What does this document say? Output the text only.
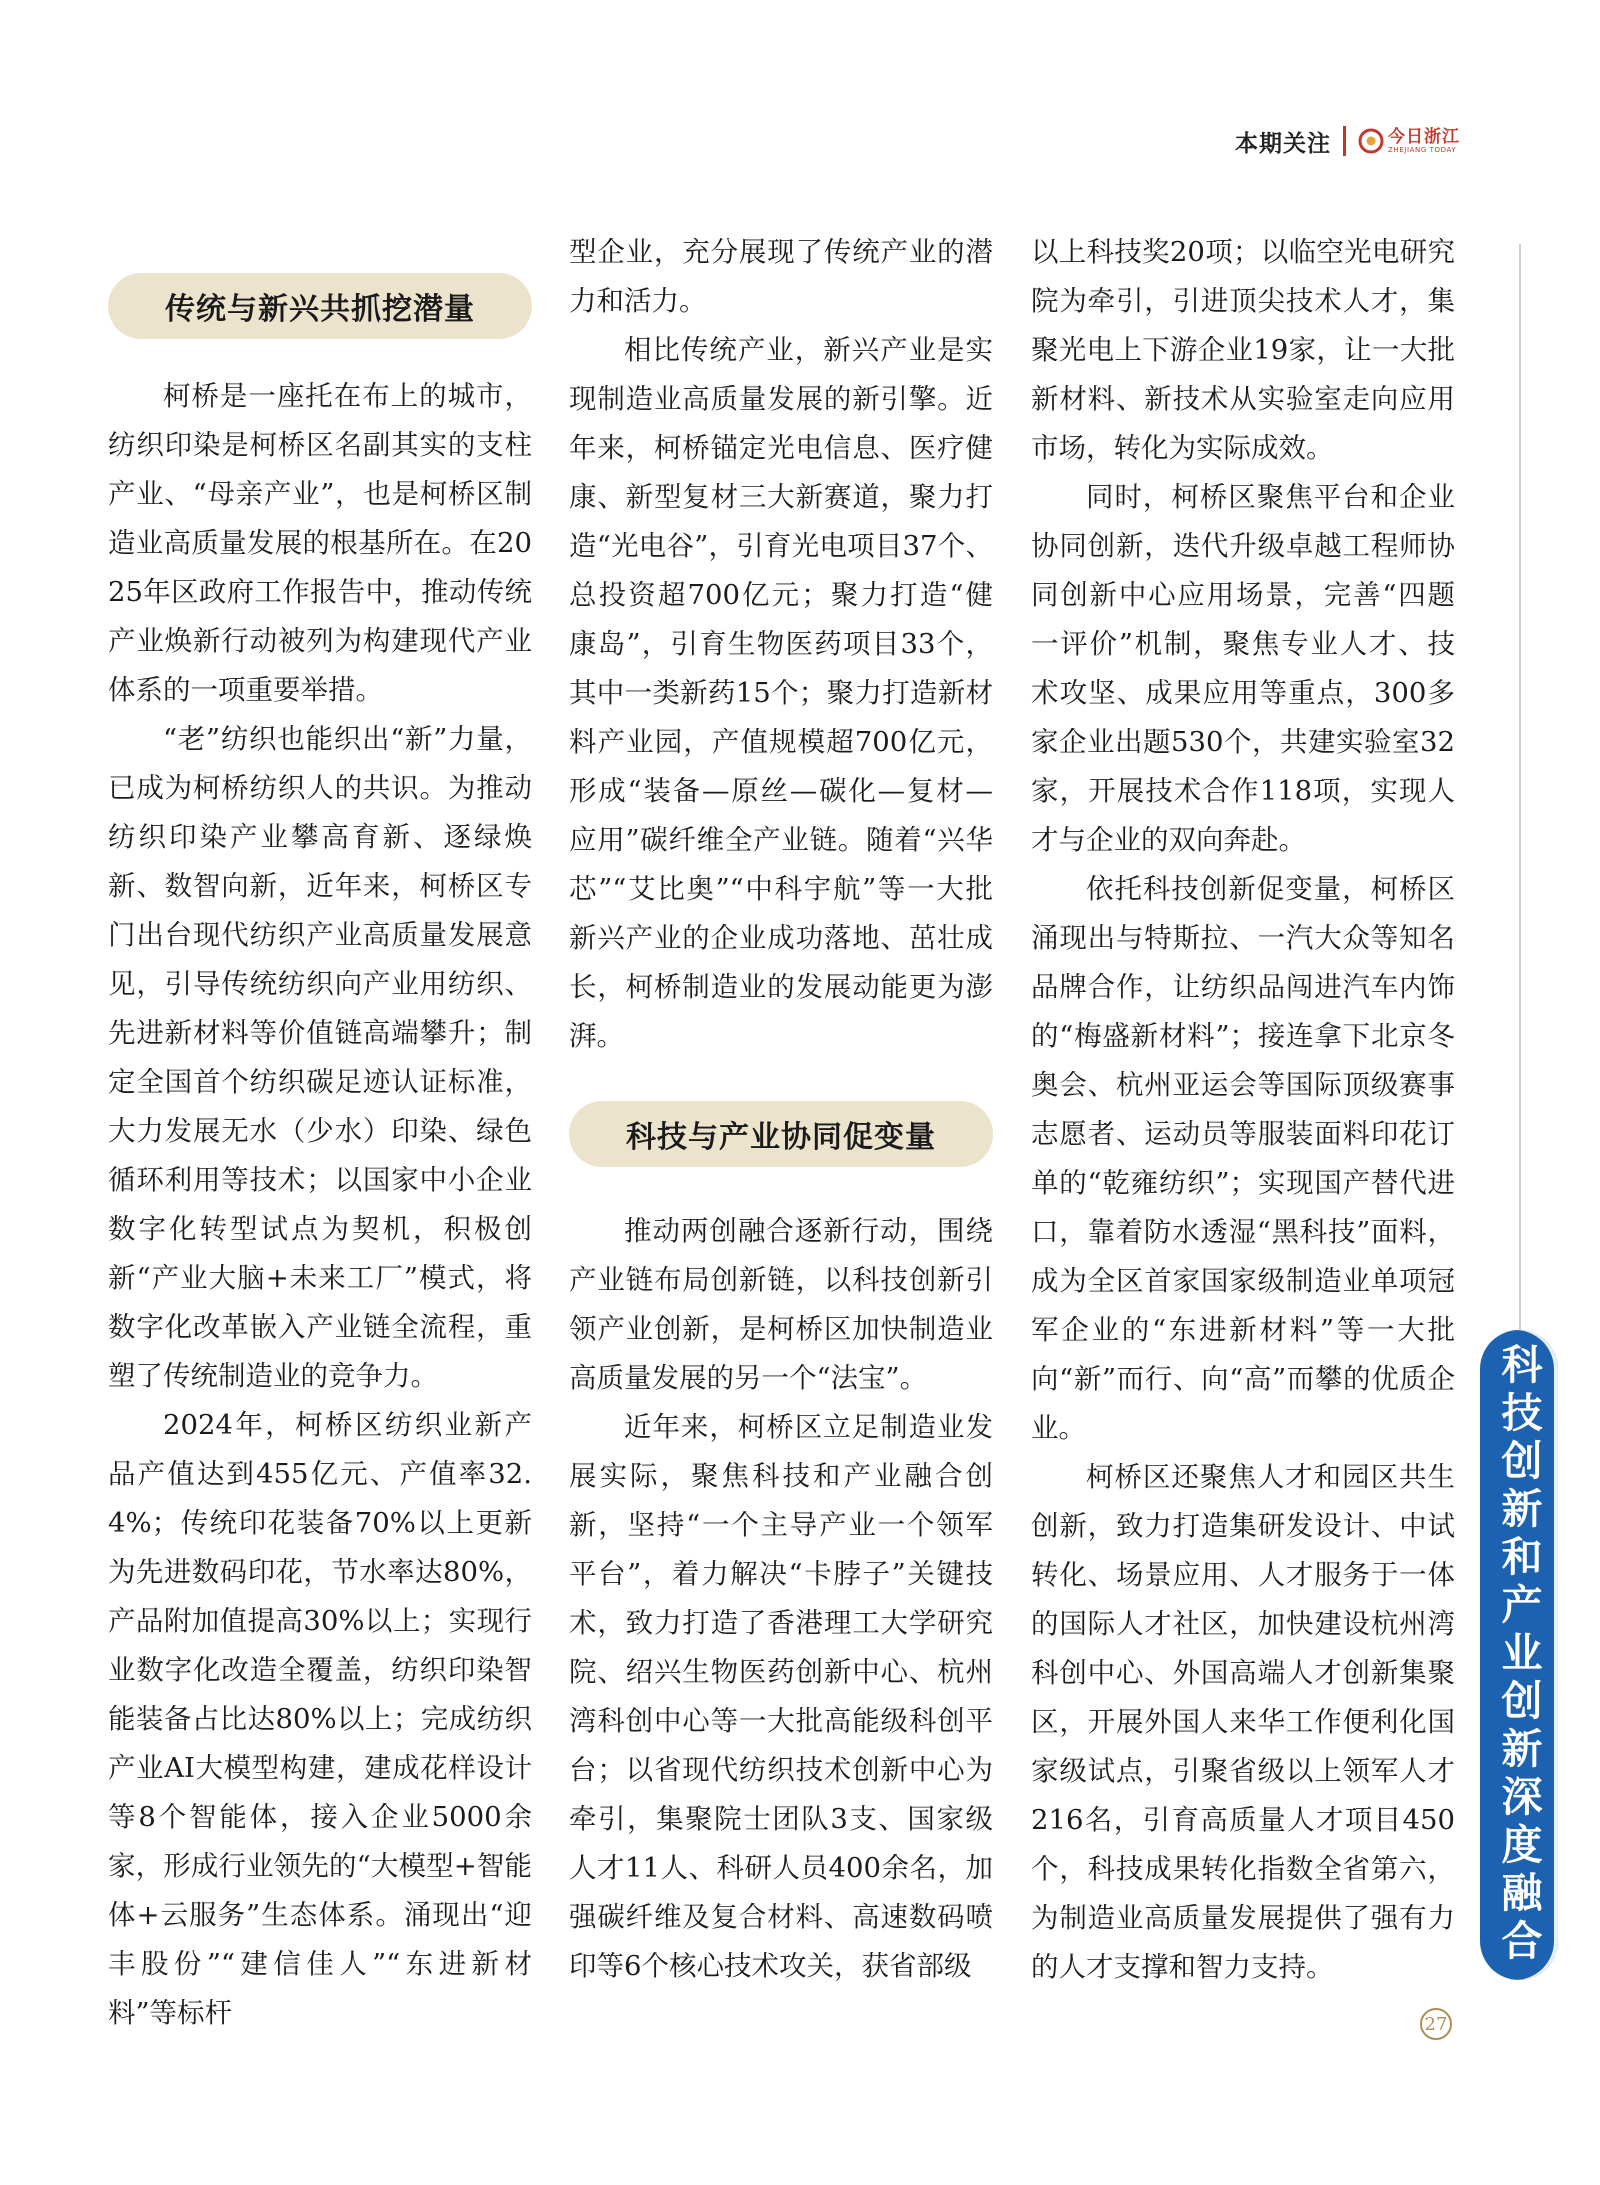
本期关注	今日浙江
ZHEJIANG TODAY
传统与新兴共抓挖潜量

柯桥是一座托在布上的城市，纺织印染是柯桥区名副其实的支柱产业、“母亲产业”，也是柯桥区制造业高质量发展的根基所在。在2025年区政府工作报告中，推动传统产业焕新行动被列为构建现代产业体系的一项重要举措。

“老”纺织也能织出“新”力量，已成为柯桥纺织人的共识。为推动纺织印染产业攀高育新、逐绿焕新、数智向新，近年来，柯桥区专门出台现代纺织产业高质量发展意见，引导传统纺织向产业用纺织、先进新材料等价值链高端攀升；制定全国首个纺织碳足迹认证标准，大力发展无水（少水）印染、绿色循环利用等技术；以国家中小企业数字化转型试点为契机，积极创新“产业大脑+未来工厂”模式，将数字化改革嵌入产业链全流程，重塑了传统制造业的竞争力。

2024年，柯桥区纺织业新产品产值达到455亿元、产值率32.4%；传统印花装备70%以上更新为先进数码印花，节水率达80%，产品附加值提高30%以上；实现行业数字化改造全覆盖，纺织印染智能装备占比达80%以上；完成纺织产业AI大模型构建，建成花样设计等8个智能体，接入企业5000余家，形成行业领先的“大模型+智能体+云服务”生态体系。涌现出“迎丰股份”“建信佳人”“东进新材料”等标杆

型企业，充分展现了传统产业的潜力和活力。

相比传统产业，新兴产业是实现制造业高质量发展的新引擎。近年来，柯桥锚定光电信息、医疗健康、新型复材三大新赛道，聚力打造“光电谷”，引育光电项目37个、总投资超700亿元；聚力打造“健康岛”，引育生物医药项目33个，其中一类新药15个；聚力打造新材料产业园，产值规模超700亿元，形成“装备—原丝—碳化—复材—应用”碳纤维全产业链。随着“兴华芯”“艾比奥”“中科宇航”等一大批新兴产业的企业成功落地、茁壮成长，柯桥制造业的发展动能更为澎湃。

科技与产业协同促变量

推动两创融合逐新行动，围绕产业链布局创新链，以科技创新引领产业创新，是柯桥区加快制造业高质量发展的另一个“法宝”。

近年来，柯桥区立足制造业发展实际，聚焦科技和产业融合创新，坚持“一个主导产业一个领军平台”，着力解决“卡脖子”关键技术，致力打造了香港理工大学研究院、绍兴生物医药创新中心、杭州湾科创中心等一大批高能级科创平台；以省现代纺织技术创新中心为牵引，集聚院士团队3支、国家级人才11人、科研人员400余名，加强碳纤维及复合材料、高速数码喷印等6个核心技术攻关，获省部级

以上科技奖20项；以临空光电研究院为牵引，引进顶尖技术人才，集聚光电上下游企业19家，让一大批新材料、新技术从实验室走向应用市场，转化为实际成效。

同时，柯桥区聚焦平台和企业协同创新，迭代升级卓越工程师协同创新中心应用场景，完善“四题一评价”机制，聚焦专业人才、技术攻坚、成果应用等重点，300多家企业出题530个，共建实验室32家，开展技术合作118项，实现人才与企业的双向奔赴。

依托科技创新促变量，柯桥区涌现出与特斯拉、一汽大众等知名品牌合作，让纺织品闯进汽车内饰的“梅盛新材料”；接连拿下北京冬奥会、杭州亚运会等国际顶级赛事志愿者、运动员等服装面料印花订单的“乾雍纺织”；实现国产替代进口，靠着防水透湿“黑科技”面料，成为全区首家国家级制造业单项冠军企业的“东进新材料”等一大批向“新”而行、向“高”而攀的优质企业。

柯桥区还聚焦人才和园区共生创新，致力打造集研发设计、中试转化、场景应用、人才服务于一体的国际人才社区，加快建设杭州湾科创中心、外国高端人才创新集聚区，开展外国人来华工作便利化国家级试点，引聚省级以上领军人才216名，引育高质量人才项目450个，科技成果转化指数全省第六，为制造业高质量发展提供了强有力的人才支撑和智力支持。	科技创新和产业创新深度融合
27
